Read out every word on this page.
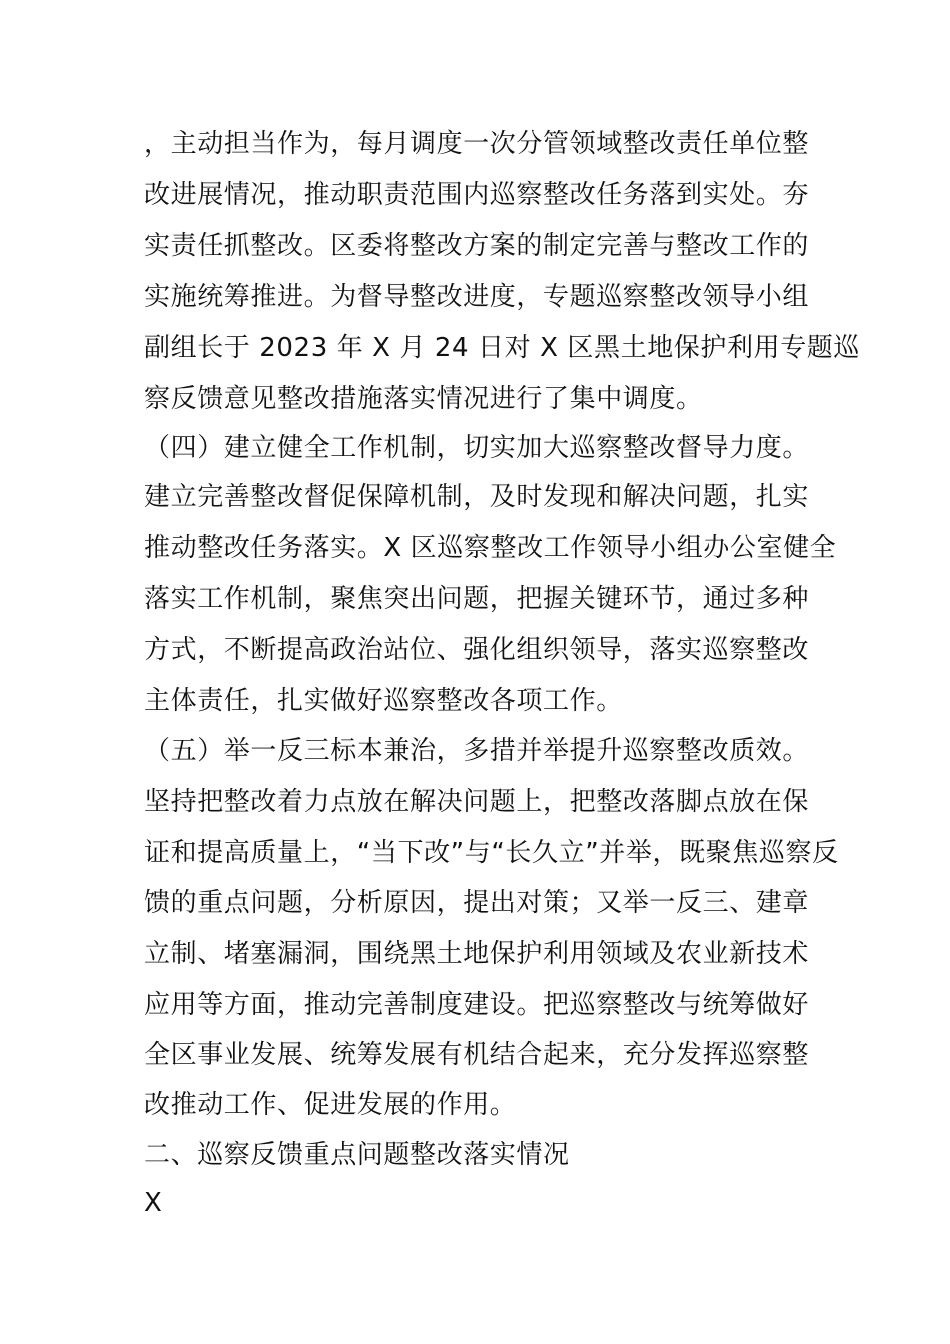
，主动担当作为，每月调度一次分管领域整改责任单位整
改进展情况，推动职责范围内巡察整改任务落到实处。夯
实责任抓整改。区委将整改方案的制定完善与整改工作的
实施统筹推进。为督导整改进度，专题巡察整改领导小组
副组长于 2023 年 X 月 24 日对 X 区黑土地保护利用专题巡
察反馈意见整改措施落实情况进行了集中调度。
（四）建立健全工作机制，切实加大巡察整改督导力度。
建立完善整改督促保障机制，及时发现和解决问题，扎实
推动整改任务落实。X 区巡察整改工作领导小组办公室健全
落实工作机制，聚焦突出问题，把握关键环节，通过多种
方式，不断提高政治站位、强化组织领导，落实巡察整改
主体责任，扎实做好巡察整改各项工作。
（五）举一反三标本兼治，多措并举提升巡察整改质效。
坚持把整改着力点放在解决问题上，把整改落脚点放在保
证和提高质量上，“当下改”与“长久立”并举，既聚焦巡察反
馈的重点问题，分析原因，提出对策；又举一反三、建章
立制、堵塞漏洞，围绕黑土地保护利用领域及农业新技术
应用等方面，推动完善制度建设。把巡察整改与统筹做好
全区事业发展、统筹发展有机结合起来，充分发挥巡察整
改推动工作、促进发展的作用。
二、巡察反馈重点问题整改落实情况
X
